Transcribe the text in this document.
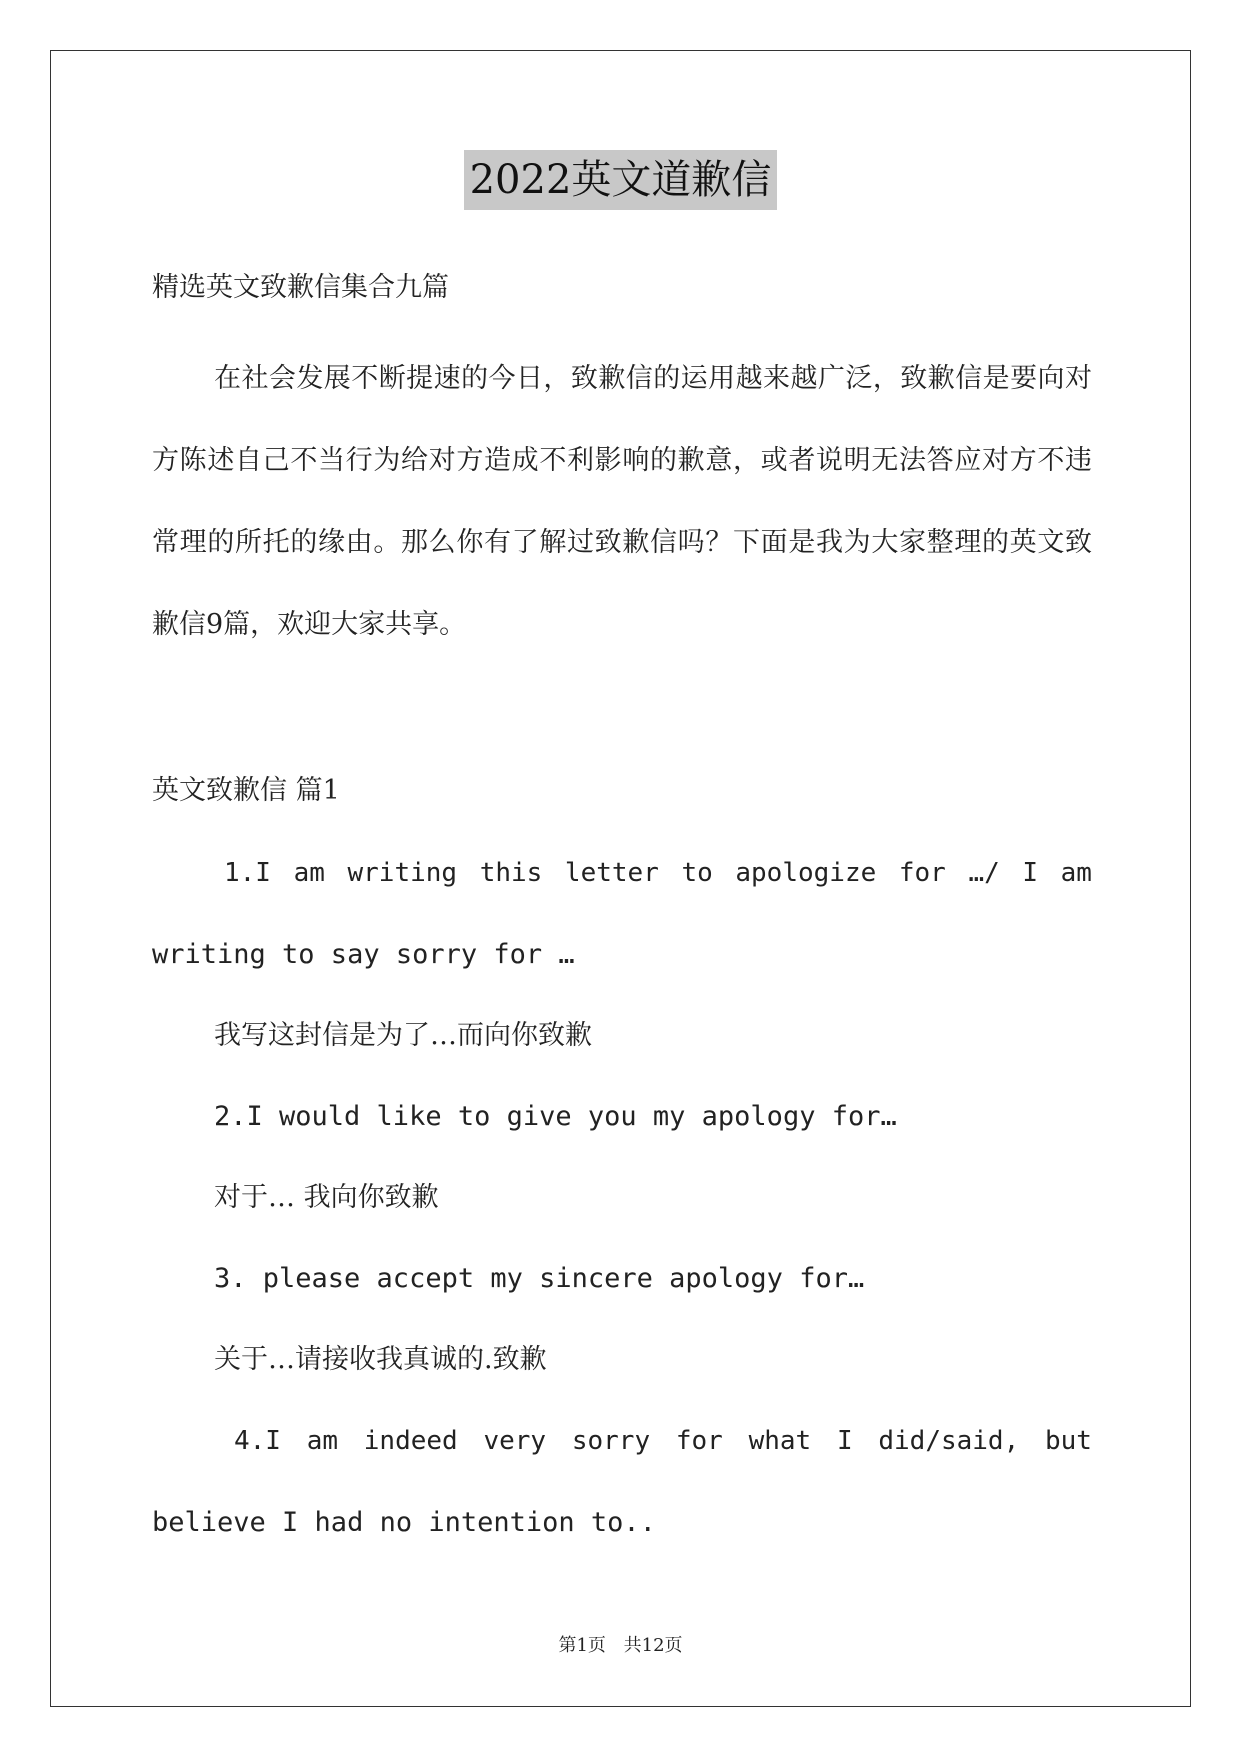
2022英文道歉信
精选英文致歉信集合九篇

在社会发展不断提速的今日，致歉信的运用越来越广泛，致歉信是要向对方陈述自己不当行为给对方造成不利影响的歉意，或者说明无法答应对方不违常理的所托的缘由。那么你有了解过致歉信吗？下面是我为大家整理的英文致歉信9篇，欢迎大家共享。

英文致歉信 篇1

1.I am writing this letter to apologize for …/ I am

writing to say sorry for …

我写这封信是为了…而向你致歉

2.I would like to give you my apology for…

对于… 我向你致歉

3. please accept my sincere apology for…

关于…请接收我真诚的.致歉

4.I am indeed very sorry for what I did/said, but

believe I had no intention to..

第1页 共12页
